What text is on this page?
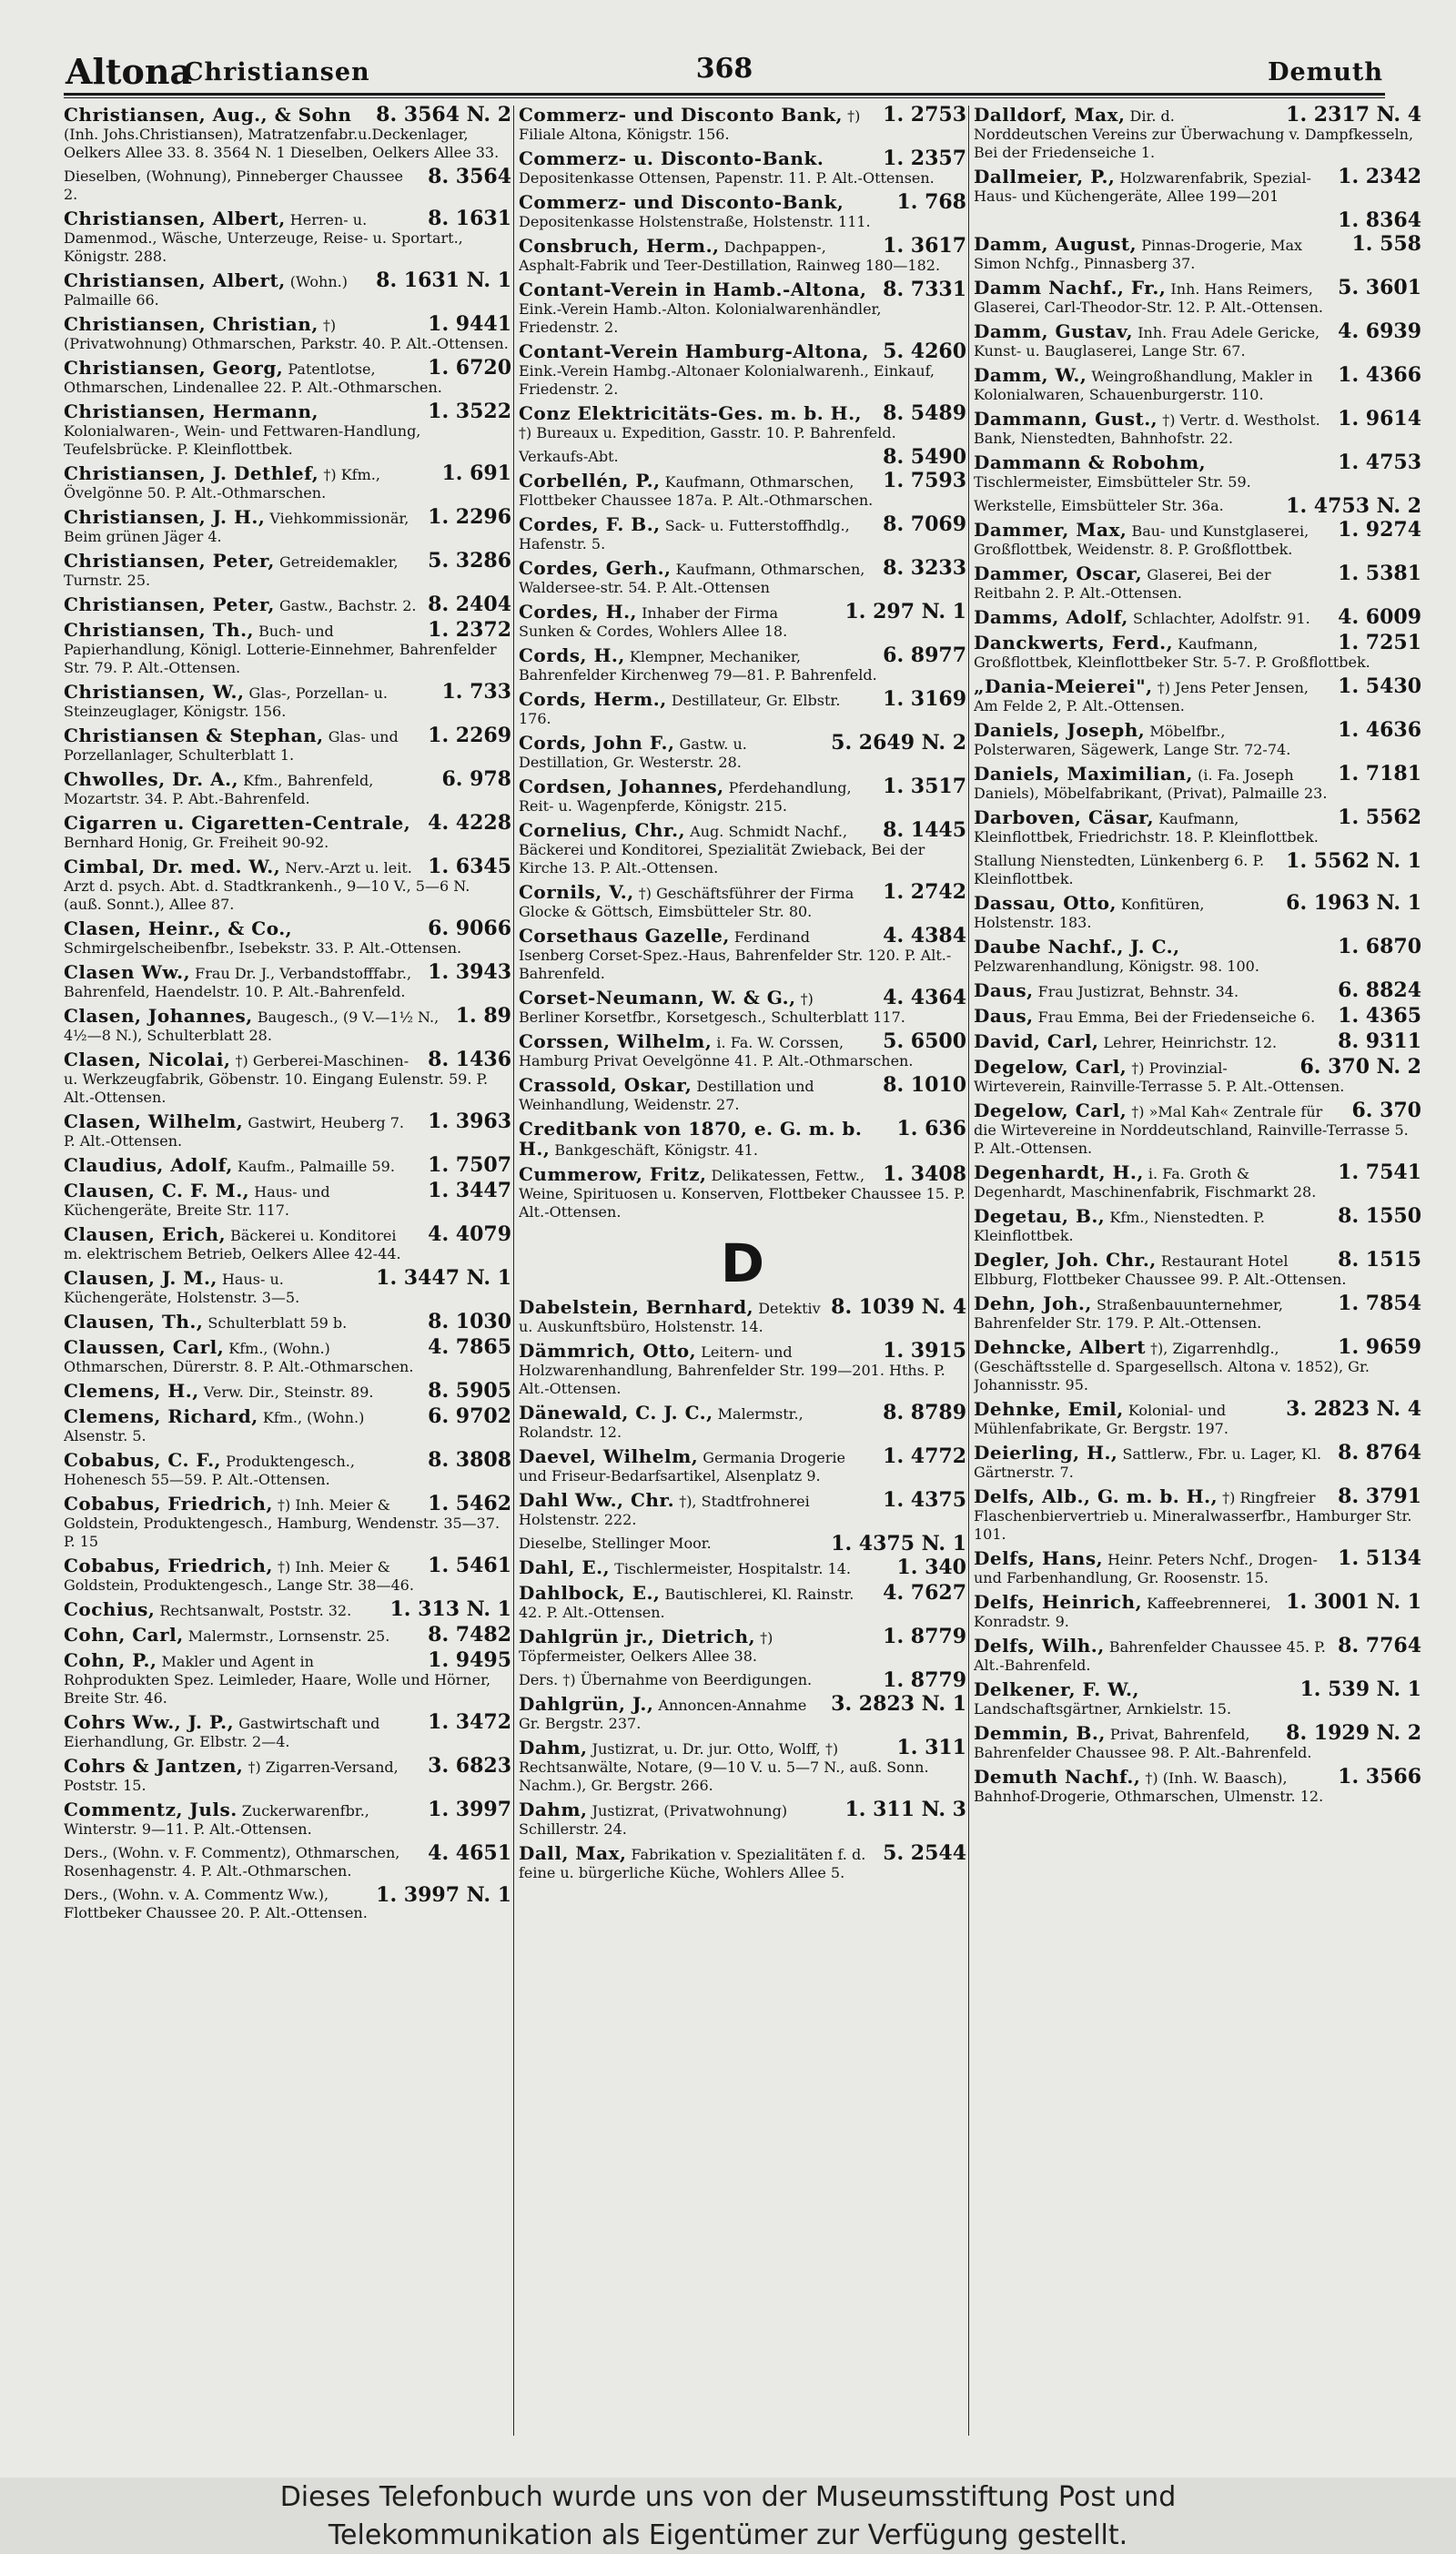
Altona
Christiansen	368	Demuth
8. 3564 N. 2
Christiansen, Aug., & Sohn (Inh. Johs.Christiansen), Matratzenfabr.u.Deckenlager, Oelkers Allee 33. 8. 3564 N. 1 Dieselben, Oelkers Allee 33.
8. 3564
Dieselben, (Wohnung), Pinneberger Chaussee 2.
8. 1631
Christiansen, Albert, Herren- u. Damenmod., Wäsche, Unterzeuge, Reise- u. Sportart., Königstr. 288.
8. 1631 N. 1
Christiansen, Albert, (Wohn.) Palmaille 66.
1. 9441
Christiansen, Christian, †) (Privatwohnung) Othmarschen, Parkstr. 40. P. Alt.-Ottensen.
1. 6720
Christiansen, Georg, Patentlotse, Othmarschen, Lindenallee 22. P. Alt.-Othmarschen.
1. 3522
Christiansen, Hermann, Kolonialwaren-, Wein- und Fettwaren-Handlung, Teufelsbrücke. P. Kleinflottbek.
1. 691
Christiansen, J. Dethlef, †) Kfm., Övelgönne 50. P. Alt.-Othmarschen.
1. 2296
Christiansen, J. H., Viehkommissionär, Beim grünen Jäger 4.
5. 3286
Christiansen, Peter, Getreidemakler, Turnstr. 25.
8. 2404
Christiansen, Peter, Gastw., Bachstr. 2.
1. 2372
Christiansen, Th., Buch- und Papierhandlung, Königl. Lotterie-Einnehmer, Bahrenfelder Str. 79. P. Alt.-Ottensen.
1. 733
Christiansen, W., Glas-, Porzellan- u. Steinzeuglager, Königstr. 156.
1. 2269
Christiansen & Stephan, Glas- und Porzellanlager, Schulterblatt 1.
6. 978
Chwolles, Dr. A., Kfm., Bahrenfeld, Mozartstr. 34. P. Abt.-Bahrenfeld.
4. 4228
Cigarren u. Cigaretten-Centrale, Bernhard Honig, Gr. Freiheit 90-92.
1. 6345
Cimbal, Dr. med. W., Nerv.-Arzt u. leit. Arzt d. psych. Abt. d. Stadtkrankenh., 9—10 V., 5—6 N. (auß. Sonnt.), Allee 87.
6. 9066
Clasen, Heinr., & Co., Schmirgelscheibenfbr., Isebekstr. 33. P. Alt.-Ottensen.
1. 3943
Clasen Ww., Frau Dr. J., Verbandstofffabr., Bahrenfeld, Haendelstr. 10. P. Alt.-Bahrenfeld.
1. 89
Clasen, Johannes, Baugesch., (9 V.—1½ N., 4½—8 N.), Schulterblatt 28.
8. 1436
Clasen, Nicolai, †) Gerberei-Maschinen- u. Werkzeugfabrik, Göbenstr. 10. Eingang Eulenstr. 59. P. Alt.-Ottensen.
1. 3963
Clasen, Wilhelm, Gastwirt, Heuberg 7. P. Alt.-Ottensen.
1. 7507
Claudius, Adolf, Kaufm., Palmaille 59.
1. 3447
Clausen, C. F. M., Haus- und Küchengeräte, Breite Str. 117.
4. 4079
Clausen, Erich, Bäckerei u. Konditorei m. elektrischem Betrieb, Oelkers Allee 42-44.
1. 3447 N. 1
Clausen, J. M., Haus- u. Küchengeräte, Holstenstr. 3—5.
8. 1030
Clausen, Th., Schulterblatt 59 b.
4. 7865
Claussen, Carl, Kfm., (Wohn.) Othmarschen, Dürerstr. 8. P. Alt.-Othmarschen.
8. 5905
Clemens, H., Verw. Dir., Steinstr. 89.
6. 9702
Clemens, Richard, Kfm., (Wohn.) Alsenstr. 5.
8. 3808
Cobabus, C. F., Produktengesch., Hohenesch 55—59. P. Alt.-Ottensen.
1. 5462
Cobabus, Friedrich, †) Inh. Meier & Goldstein, Produktengesch., Hamburg, Wendenstr. 35—37. P. 15
1. 5461
Cobabus, Friedrich, †) Inh. Meier & Goldstein, Produktengesch., Lange Str. 38—46.
1. 313 N. 1
Cochius, Rechtsanwalt, Poststr. 32.
8. 7482
Cohn, Carl, Malermstr., Lornsenstr. 25.
1. 9495
Cohn, P., Makler und Agent in Rohprodukten Spez. Leimleder, Haare, Wolle und Hörner, Breite Str. 46.
1. 3472
Cohrs Ww., J. P., Gastwirtschaft und Eierhandlung, Gr. Elbstr. 2—4.
3. 6823
Cohrs & Jantzen, †) Zigarren-Versand, Poststr. 15.
1. 3997
Commentz, Juls. Zuckerwarenfbr., Winterstr. 9—11. P. Alt.-Ottensen.
4. 4651
Ders., (Wohn. v. F. Commentz), Othmarschen, Rosenhagenstr. 4. P. Alt.-Othmarschen.
1. 3997 N. 1
Ders., (Wohn. v. A. Commentz Ww.), Flottbeker Chaussee 20. P. Alt.-Ottensen.
1. 2753
Commerz- und Disconto Bank, †) Filiale Altona, Königstr. 156.
1. 2357
Commerz- u. Disconto-Bank. Depositenkasse Ottensen, Papenstr. 11. P. Alt.-Ottensen.
1. 768
Commerz- und Disconto-Bank, Depositenkasse Holstenstraße, Holstenstr. 111.
1. 3617
Consbruch, Herm., Dachpappen-, Asphalt-Fabrik und Teer-Destillation, Rainweg 180—182.
8. 7331
Contant-Verein in Hamb.-Altona, Eink.-Verein Hamb.-Alton. Kolonialwarenhändler, Friedenstr. 2.
5. 4260
Contant-Verein Hamburg-Altona, Eink.-Verein Hambg.-Altonaer Kolonialwarenh., Einkauf, Friedenstr. 2.
8. 5489
Conz Elektricitäts-Ges. m. b. H., †) Bureaux u. Expedition, Gasstr. 10. P. Bahrenfeld.
8. 5490
Verkaufs-Abt.
1. 7593
Corbellén, P., Kaufmann, Othmarschen, Flottbeker Chaussee 187a. P. Alt.-Othmarschen.
8. 7069
Cordes, F. B., Sack- u. Futterstoffhdlg., Hafenstr. 5.
8. 3233
Cordes, Gerh., Kaufmann, Othmarschen, Waldersee-str. 54. P. Alt.-Ottensen
1. 297 N. 1
Cordes, H., Inhaber der Firma Sunken & Cordes, Wohlers Allee 18.
6. 8977
Cords, H., Klempner, Mechaniker, Bahrenfelder Kirchenweg 79—81. P. Bahrenfeld.
1. 3169
Cords, Herm., Destillateur, Gr. Elbstr. 176.
5. 2649 N. 2
Cords, John F., Gastw. u. Destillation, Gr. Westerstr. 28.
1. 3517
Cordsen, Johannes, Pferdehandlung, Reit- u. Wagenpferde, Königstr. 215.
8. 1445
Cornelius, Chr., Aug. Schmidt Nachf., Bäckerei und Konditorei, Spezialität Zwieback, Bei der Kirche 13. P. Alt.-Ottensen.
1. 2742
Cornils, V., †) Geschäftsführer der Firma Glocke & Göttsch, Eimsbütteler Str. 80.
4. 4384
Corsethaus Gazelle, Ferdinand Isenberg Corset-Spez.-Haus, Bahrenfelder Str. 120. P. Alt.-Bahrenfeld.
4. 4364
Corset-Neumann, W. & G., †) Berliner Korsetfbr., Korsetgesch., Schulterblatt 117.
5. 6500
Corssen, Wilhelm, i. Fa. W. Corssen, Hamburg Privat Oevelgönne 41. P. Alt.-Othmarschen.
8. 1010
Crassold, Oskar, Destillation und Weinhandlung, Weidenstr. 27.
1. 636
Creditbank von 1870, e. G. m. b. H., Bankgeschäft, Königstr. 41.
1. 3408
Cummerow, Fritz, Delikatessen, Fettw., Weine, Spirituosen u. Konserven, Flottbeker Chaussee 15. P. Alt.-Ottensen.
D
8. 1039 N. 4
Dabelstein, Bernhard, Detektiv u. Auskunftsbüro, Holstenstr. 14.
1. 3915
Dämmrich, Otto, Leitern- und Holzwarenhandlung, Bahrenfelder Str. 199—201. Hths. P. Alt.-Ottensen.
8. 8789
Dänewald, C. J. C., Malermstr., Rolandstr. 12.
1. 4772
Daevel, Wilhelm, Germania Drogerie und Friseur-Bedarfsartikel, Alsenplatz 9.
1. 4375
Dahl Ww., Chr. †), Stadtfrohnerei Holstenstr. 222.
1. 4375 N. 1
Dieselbe, Stellinger Moor.
1. 340
Dahl, E., Tischlermeister, Hospitalstr. 14.
4. 7627
Dahlbock, E., Bautischlerei, Kl. Rainstr. 42. P. Alt.-Ottensen.
1. 8779
Dahlgrün jr., Dietrich, †) Töpfermeister, Oelkers Allee 38.
1. 8779
Ders. †) Übernahme von Beerdigungen.
3. 2823 N. 1
Dahlgrün, J., Annoncen-Annahme Gr. Bergstr. 237.
1. 311
Dahm, Justizrat, u. Dr. jur. Otto, Wolff, †) Rechtsanwälte, Notare, (9—10 V. u. 5—7 N., auß. Sonn. Nachm.), Gr. Bergstr. 266.
1. 311 N. 3
Dahm, Justizrat, (Privatwohnung) Schillerstr. 24.
5. 2544
Dall, Max, Fabrikation v. Spezialitäten f. d. feine u. bürgerliche Küche, Wohlers Allee 5.
1. 2317 N. 4
Dalldorf, Max, Dir. d. Norddeutschen Vereins zur Überwachung v. Dampfkesseln, Bei der Friedenseiche 1.
1. 2342
Dallmeier, P., Holzwarenfabrik, Spezial-Haus- und Küchengeräte, Allee 199—201
1. 8364
1. 558
Damm, August, Pinnas-Drogerie, Max Simon Nchfg., Pinnasberg 37.
5. 3601
Damm Nachf., Fr., Inh. Hans Reimers, Glaserei, Carl-Theodor-Str. 12. P. Alt.-Ottensen.
4. 6939
Damm, Gustav, Inh. Frau Adele Gericke, Kunst- u. Bauglaserei, Lange Str. 67.
1. 4366
Damm, W., Weingroßhandlung, Makler in Kolonialwaren, Schauenburgerstr. 110.
1. 9614
Dammann, Gust., †) Vertr. d. Westholst. Bank, Nienstedten, Bahnhofstr. 22.
1. 4753
Dammann & Robohm, Tischlermeister, Eimsbütteler Str. 59.
1. 4753 N. 2
Werkstelle, Eimsbütteler Str. 36a.
1. 9274
Dammer, Max, Bau- und Kunstglaserei, Großflottbek, Weidenstr. 8. P. Großflottbek.
1. 5381
Dammer, Oscar, Glaserei, Bei der Reitbahn 2. P. Alt.-Ottensen.
4. 6009
Damms, Adolf, Schlachter, Adolfstr. 91.
1. 7251
Danckwerts, Ferd., Kaufmann, Großflottbek, Kleinflottbeker Str. 5-7. P. Großflottbek.
1. 5430
„Dania-Meierei", †) Jens Peter Jensen, Am Felde 2, P. Alt.-Ottensen.
1. 4636
Daniels, Joseph, Möbelfbr., Polsterwaren, Sägewerk, Lange Str. 72-74.
1. 7181
Daniels, Maximilian, (i. Fa. Joseph Daniels), Möbelfabrikant, (Privat), Palmaille 23.
1. 5562
Darboven, Cäsar, Kaufmann, Kleinflottbek, Friedrichstr. 18. P. Kleinflottbek.
1. 5562 N. 1
Stallung Nienstedten, Lünkenberg 6. P. Kleinflottbek.
6. 1963 N. 1
Dassau, Otto, Konfitüren, Holstenstr. 183.
1. 6870
Daube Nachf., J. C., Pelzwarenhandlung, Königstr. 98. 100.
6. 8824
Daus, Frau Justizrat, Behnstr. 34.
1. 4365
Daus, Frau Emma, Bei der Friedenseiche 6.
8. 9311
David, Carl, Lehrer, Heinrichstr. 12.
6. 370 N. 2
Degelow, Carl, †) Provinzial-Wirteverein, Rainville-Terrasse 5. P. Alt.-Ottensen.
6. 370
Degelow, Carl, †) »Mal Kah« Zentrale für die Wirtevereine in Norddeutschland, Rainville-Terrasse 5. P. Alt.-Ottensen.
1. 7541
Degenhardt, H., i. Fa. Groth & Degenhardt, Maschinenfabrik, Fischmarkt 28.
8. 1550
Degetau, B., Kfm., Nienstedten. P. Kleinflottbek.
8. 1515
Degler, Joh. Chr., Restaurant Hotel Elbburg, Flottbeker Chaussee 99. P. Alt.-Ottensen.
1. 7854
Dehn, Joh., Straßenbauunternehmer, Bahrenfelder Str. 179. P. Alt.-Ottensen.
1. 9659
Dehncke, Albert †), Zigarrenhdlg., (Geschäftsstelle d. Spargesellsch. Altona v. 1852), Gr. Johannisstr. 95.
3. 2823 N. 4
Dehnke, Emil, Kolonial- und Mühlenfabrikate, Gr. Bergstr. 197.
8. 8764
Deierling, H., Sattlerw., Fbr. u. Lager, Kl. Gärtnerstr. 7.
8. 3791
Delfs, Alb., G. m. b. H., †) Ringfreier Flaschenbiervertrieb u. Mineralwasserfbr., Hamburger Str. 101.
1. 5134
Delfs, Hans, Heinr. Peters Nchf., Drogen- und Farbenhandlung, Gr. Roosenstr. 15.
1. 3001 N. 1
Delfs, Heinrich, Kaffeebrennerei, Konradstr. 9.
8. 7764
Delfs, Wilh., Bahrenfelder Chaussee 45. P. Alt.-Bahrenfeld.
1. 539 N. 1
Delkener, F. W., Landschaftsgärtner, Arnkielstr. 15.
8. 1929 N. 2
Demmin, B., Privat, Bahrenfeld, Bahrenfelder Chaussee 98. P. Alt.-Bahrenfeld.
1. 3566
Demuth Nachf., †) (Inh. W. Baasch), Bahnhof-Drogerie, Othmarschen, Ulmenstr. 12.
Dieses Telefonbuch wurde uns von der Museumsstiftung Post und
Telekommunikation als Eigentümer zur Verfügung gestellt.
